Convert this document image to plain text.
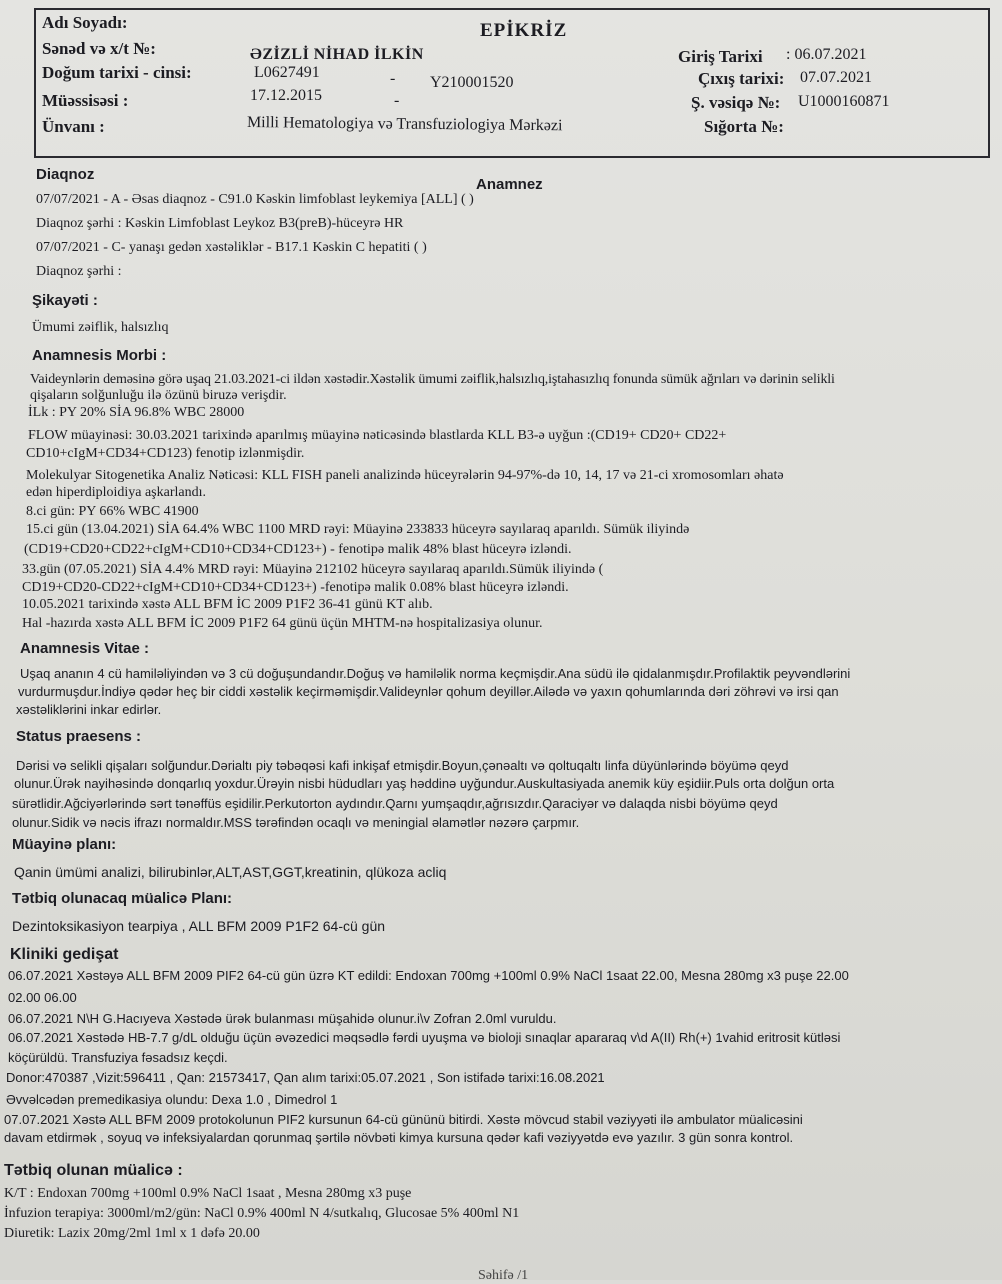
EPİKRİZ
Adı Soyadı:
ƏZİZLİ NİHAD İLKİN
Sənəd və x/t №:
L0627491	- Y210001520
Doğum tarixi - cinsi:
17.12.2015	-
Müəssisəsi :
Milli Hematologiya və Transfuziologiya Mərkəzi
Ünvanı :
Giriş Tarixi : 06.07.2021
Çıxış tarixi: 07.07.2021
Ş. vəsiqə №: U1000160871
Sığorta №:
Diaqnoz
Anamnez
07/07/2021 - A - Əsas diaqnoz - C91.0 Kəskin limfoblast leykemiya [ALL] ( )
Diaqnoz şərhi : Kəskin Limfoblast Leykoz B3(preB)-hüceyrə HR
07/07/2021 - C- yanaşı gedən xəstəliklər - B17.1 Kəskin C hepatiti ( )
Diaqnoz şərhi :
Şikayəti :
Ümumi zəiflik, halsızlıq
Anamnesis Morbi :
Vaideynlərin deməsinə görə uşaq 21.03.2021-ci ildən xəstədir.Xəstəlik ümumi zəiflik,halsızlıq,iştahasızlıq fonunda sümük ağrıları və dərinin selikli
qişaların solğunluğu ilə özünü biruzə verişdir.
İLk : PY 20% SİA 96.8% WBC 28000
FLOW müayinəsi: 30.03.2021 tarixində aparılmış müayinə nəticəsində blastlarda KLL B3-ə uyğun :(CD19+ CD20+ CD22+
CD10+cIgM+CD34+CD123) fenotip izlənmişdir.
Molekulyar Sitogenetika Analiz Nəticəsi: KLL FISH paneli analizində hüceyrələrin 94-97%-də 10, 14, 17 və 21-ci xromosomları əhatə
edən hiperdiploidiya aşkarlandı.
8.ci gün: PY 66% WBC 41900
15.ci gün (13.04.2021) SİA 64.4% WBC 1100 MRD rəyi: Müayinə 233833 hüceyrə sayılaraq aparıldı. Sümük iliyində
(CD19+CD20+CD22+cIgM+CD10+CD34+CD123+) - fenotipə malik 48% blast hüceyrə izləndi.
33.gün (07.05.2021) SİA 4.4% MRD rəyi: Müayinə 212102 hüceyrə sayılaraq aparıldı.Sümük iliyində (
CD19+CD20-CD22+cIgM+CD10+CD34+CD123+) -fenotipə malik 0.08% blast hüceyrə izləndi.
10.05.2021 tarixində xəstə ALL BFM İC 2009 P1F2 36-41 günü KT alıb.
Hal -hazırda xəstə ALL BFM İC 2009 P1F2 64 günü üçün MHTM-nə hospitalizasiya olunur.
Anamnesis Vitae :
Uşaq ananın 4 cü hamiləliyindən və 3 cü doğuşundandır.Doğuş və hamiləlik norma keçmişdir.Ana südü ilə qidalanmışdır.Profilaktik peyvəndlərini
vurdurmuşdur.İndiyə qədər heç bir ciddi xəstəlik keçirməmişdir.Valideynlər qohum deyillər.Ailədə və yaxın qohumlarında dəri zöhrəvi və irsi qan
xəstəliklərini inkar edirlər.
Status praesens :
Dərisi və selikli qişaları solğundur.Dərialtı piy təbəqəsi kafi inkişaf etmişdir.Boyun,çənəaltı və qoltuqaltı linfa düyünlərində böyümə qeyd
olunur.Ürək nayihəsində donqarlıq yoxdur.Ürəyin nisbi hüdudları yaş həddinə uyğundur.Auskultasiyada anemik küy eşidiir.Puls orta dolğun orta
sürətlidir.Ağciyərlərində sərt tənəffüs eşidilir.Perkutorton aydındır.Qarnı yumşaqdır,ağrısızdır.Qaraciyər və dalaqda nisbi böyümə qeyd
olunur.Sidik və nəcis ifrazı normaldır.MSS tərəfindən ocaqlı və meningial əlamətlər nəzərə çarpmır.
Müayinə planı:
Qanin ümümi analizi, bilirubinlər,ALT,AST,GGT,kreatinin, qlükoza acliq
Tətbiq olunacaq müalicə Planı:
Dezintoksikasiyon tearpiya , ALL BFM 2009 P1F2 64-cü gün
Kliniki gedişat
06.07.2021 Xəstəyə ALL BFM 2009 PIF2 64-cü gün üzrə KT edildi: Endoxan 700mg +100ml 0.9% NaCl 1saat 22.00, Mesna 280mg x3 puşe 22.00
02.00 06.00
06.07.2021 N\H G.Hacıyeva Xəstədə ürək bulanması müşahidə olunur.i\v Zofran 2.0ml vuruldu.
06.07.2021 Xəstədə HB-7.7 g/dL olduğu üçün əvəzedici məqsədlə fərdi uyuşma və bioloji sınaqlar apararaq v\d A(II) Rh(+) 1vahid eritrosit kütləsi
köçürüldü. Transfuziya fəsadsız keçdi.
Donor:470387 ,Vizit:596411 , Qan: 21573417, Qan alım tarixi:05.07.2021 , Son istifadə tarixi:16.08.2021
Əvvəlcədən premedikasiya olundu: Dexa 1.0 , Dimedrol 1
07.07.2021 Xəstə ALL BFM 2009 protokolunun PIF2 kursunun 64-cü gününü bitirdi. Xəstə mövcud stabil vəziyyəti ilə ambulator müalicəsini
davam etdirmək , soyuq və infeksiyalardan qorunmaq şərtilə növbəti kimya kursuna qədər kafi vəziyyətdə evə yazılır. 3 gün sonra kontrol.
Tətbiq olunan müalicə :
K/T : Endoxan 700mg +100ml 0.9% NaCl 1saat , Mesna 280mg x3 puşe
İnfuzion terapiya: 3000ml/m2/gün: NaCl 0.9% 400ml N 4/sutkalıq, Glucosae 5% 400ml N1
Diuretik: Lazix 20mg/2ml 1ml x 1 dəfə 20.00
Səhifə /1
